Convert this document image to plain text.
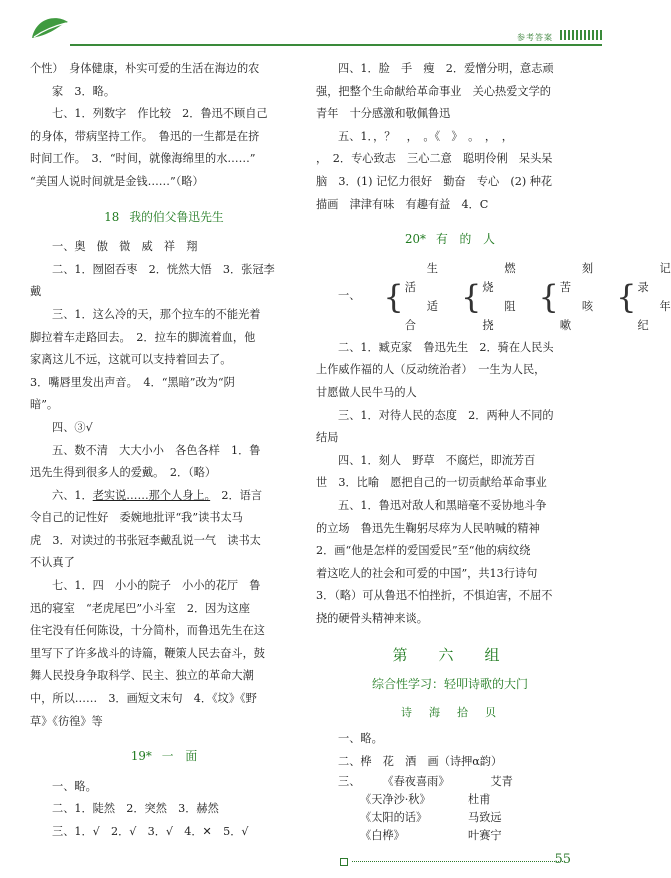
参考答案

个性）　身体健康，朴实可爱的生活在海边的农

家　3．略。

七、1．列数字　作比较　2．鲁迅不顾自己

的身体，带病坚持工作。　鲁迅的一生都是在挤

时间工作。　3．“时间，就像海绵里的水……”

“美国人说时间就是金钱……”（略）

18 我的伯父鲁迅先生

一、奥　傲　微　威　祥　翔

二、1．囫囵吞枣　2．恍然大悟　3．张冠李

戴

三、1．这么冷的天，那个拉车的不能光着

脚拉着车走路回去。　2．拉车的脚流着血，他

家离这儿不远，这就可以支持着回去了。

3．嘴唇里发出声音。　4．“黑暗”改为“阴

暗”。

四、③√

五、数不清　大大小小　各色各样　1．鲁

迅先生得到很多人的爱戴。　2．（略）

六、1．老实说……那个人身上。　2．语言

令自己的记性好　委婉地批评“我”读书太马

虎　3．对读过的书张冠李戴乱说一气　读书太

不认真了

七、1．四　小小的院子　小小的花厅　鲁

迅的寝室　“老虎尾巴”小斗室　2．因为这座

住宅没有任何陈设，十分简朴，而鲁迅先生在这

里写下了许多战斗的诗篇，鞭策人民去奋斗，鼓

舞人民投身争取科学、民主、独立的革命大潮

中，所以……　3．画短文末句　4．《坟》《野

草》《彷徨》等

19* 一　面

一、略。

二、1．陡然　2．突然　3．赫然

三、1．√　2．√　3．√　4．✕　5．√

四、1．脸　手　瘦　2．爱憎分明，意志顽

强，把整个生命献给革命事业　关心热爱文学的

青年　十分感激和敬佩鲁迅

五、1．，？　，　。《　》　。　，　，

，　2．专心致志　三心二意　聪明伶俐　呆头呆

脑　3．(1) 记忆力很好　勤奋　专心　(2) 种花

描画　津津有味　有趣有益　4．C

20* 有　的　人

一、 {
生活
适合
{
燃烧
阻挠
{
刻苦
咳嗽
{
记录
年纪

二、1．臧克家　鲁迅先生　2．骑在人民头

上作威作福的人（反动统治者）　一生为人民，

甘愿做人民牛马的人

三、1．对待人民的态度　2．两种人不同的

结局

四、1．刻人　野草　不腐烂，即流芳百

世　3．比喻　愿把自己的一切贡献给革命事业

五、1．鲁迅对敌人和黑暗毫不妥协地斗争

的立场　鲁迅先生鞠躬尽瘁为人民呐喊的精神

2．画“他是怎样的爱国爱民”至“他的病纹绕

着这吃人的社会和可爱的中国”，共13行诗句

3．（略）可从鲁迅不怕挫折，不惧迫害，不屈不

挠的硬骨头精神来谈。

第　六　组

综合性学习：轻叩诗歌的大门

诗　海　拾　贝

一、略。

二、桦　花　酒　画（诗押α韵）

三、	《春夜喜雨》	艾青
《天净沙·秋》	杜甫
《太阳的话》	马致远
《白桦》	叶赛宁
55
